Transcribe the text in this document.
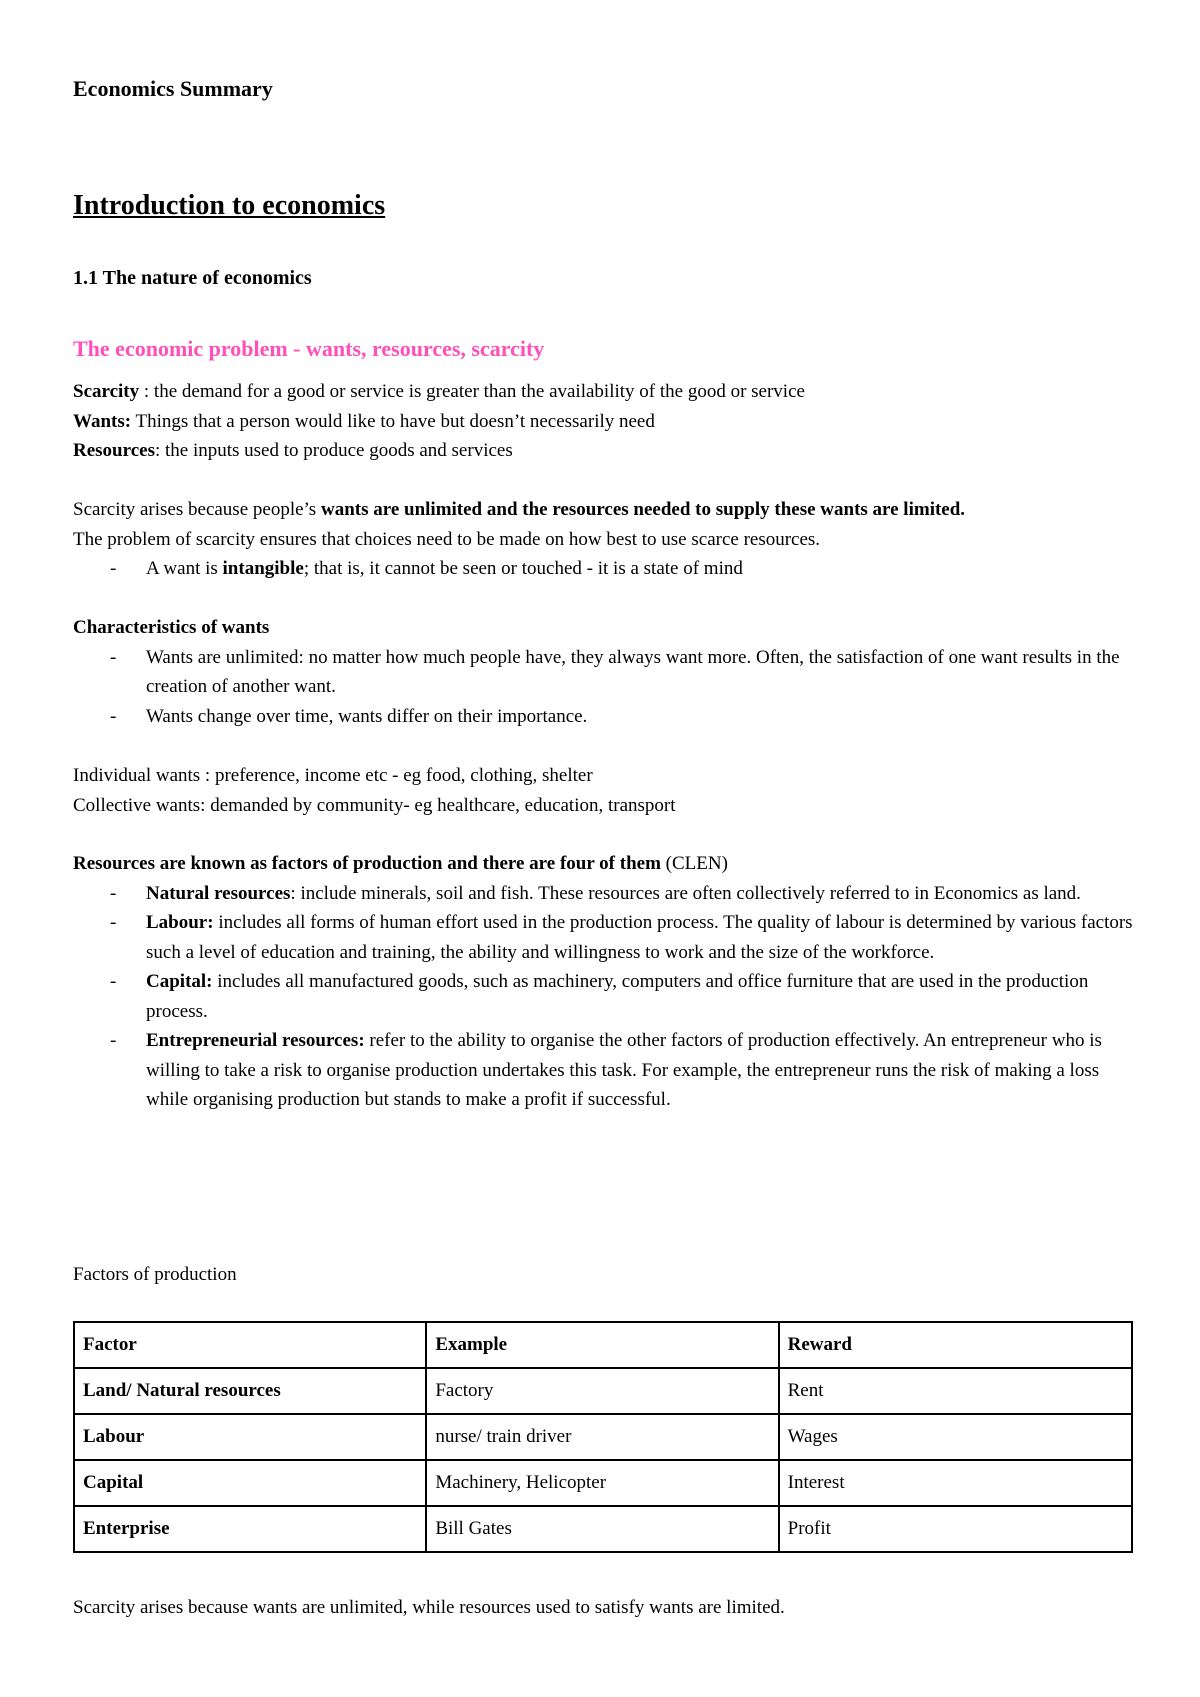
Economics Summary
Introduction to economics
1.1 The nature of economics
The economic problem - wants, resources, scarcity

Scarcity : the demand for a good or service is greater than the availability of the good or service

Wants: Things that a person would like to have but doesn’t necessarily need

Resources: the inputs used to produce goods and services

Scarcity arises because people’s wants are unlimited and the resources needed to supply these wants are limited.

The problem of scarcity ensures that choices need to be made on how best to use scarce resources.

- A want is intangible; that is, it cannot be seen or touched - it is a state of mind

Characteristics of wants

- Wants are unlimited: no matter how much people have, they always want more. Often, the satisfaction of one want results in the creation of another want.
- Wants change over time, wants differ on their importance.

Individual wants : preference, income etc - eg food, clothing, shelter

Collective wants: demanded by community- eg healthcare, education, transport

Resources are known as factors of production and there are four of them (CLEN)

- Natural resources: include minerals, soil and fish. These resources are often collectively referred to in Economics as land.
- Labour: includes all forms of human effort used in the production process. The quality of labour is determined by various factors such a level of education and training, the ability and willingness to work and the size of the workforce.
- Capital: includes all manufactured goods, such as machinery, computers and office furniture that are used in the production process.
- Entrepreneurial resources: refer to the ability to organise the other factors of production effectively. An entrepreneur who is willing to take a risk to organise production undertakes this task. For example, the entrepreneur runs the risk of making a loss while organising production but stands to make a profit if successful.

Factors of production

Factor	Example	Reward
Land/ Natural resources	Factory	Rent
Labour	nurse/ train driver	Wages
Capital	Machinery, Helicopter	Interest
Enterprise	Bill Gates	Profit

Scarcity arises because wants are unlimited, while resources used to satisfy wants are limited.
